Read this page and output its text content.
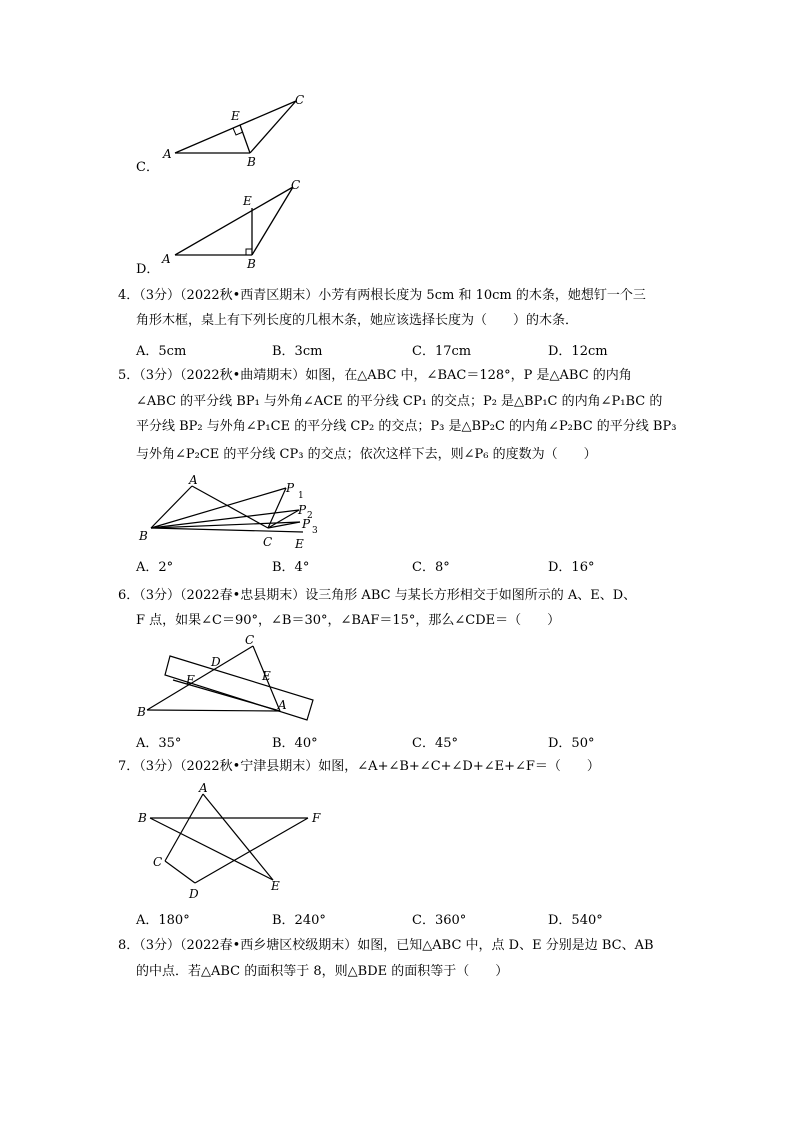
C．
A
B
C
E
D．
A	B
C
E
4．（3分）（2022秋•西青区期末）小芳有两根长度为 5cm 和 10cm 的木条，她想钉一个三
角形木框，桌上有下列长度的几根木条，她应该选择长度为（　　）的木条．
A．5cm	B．3cm	C．17cm	D．12cm
5．（3分）（2022秋•曲靖期末）如图，在△ABC 中，∠BAC＝128°，P 是△ABC 的内角
∠ABC 的平分线 BP₁ 与外角∠ACE 的平分线 CP₁ 的交点；P₂ 是△BP₁C 的内角∠P₁BC 的
平分线 BP₂ 与外角∠P₁CE 的平分线 CP₂ 的交点；P₃ 是△BP₂C 的内角∠P₂BC 的平分线 BP₃
与外角∠P₂CE 的平分线 CP₃ 的交点；依次这样下去，则∠P₆ 的度数为（　　）
A
B	C E
P
1
P 2
P 3
A．2°	B．4°	C．8°	D．16°
6．（3分）（2022春•忠县期末）设三角形 ABC 与某长方形相交于如图所示的 A、E、D、
F 点，如果∠C＝90°，∠B＝30°，∠BAF＝15°，那么∠CDE＝（　　）
C
D
E
F
B	A
A．35°	B．40°	C．45°	D．50°
7．（3分）（2022秋•宁津县期末）如图，∠A+∠B+∠C+∠D+∠E+∠F＝（　　）
A
B	F
C
D
E
A．180°	B．240°	C．360°	D．540°
8．（3分）（2022春•西乡塘区校级期末）如图，已知△ABC 中，点 D、E 分别是边 BC、AB
的中点．若△ABC 的面积等于 8，则△BDE 的面积等于（　　）
